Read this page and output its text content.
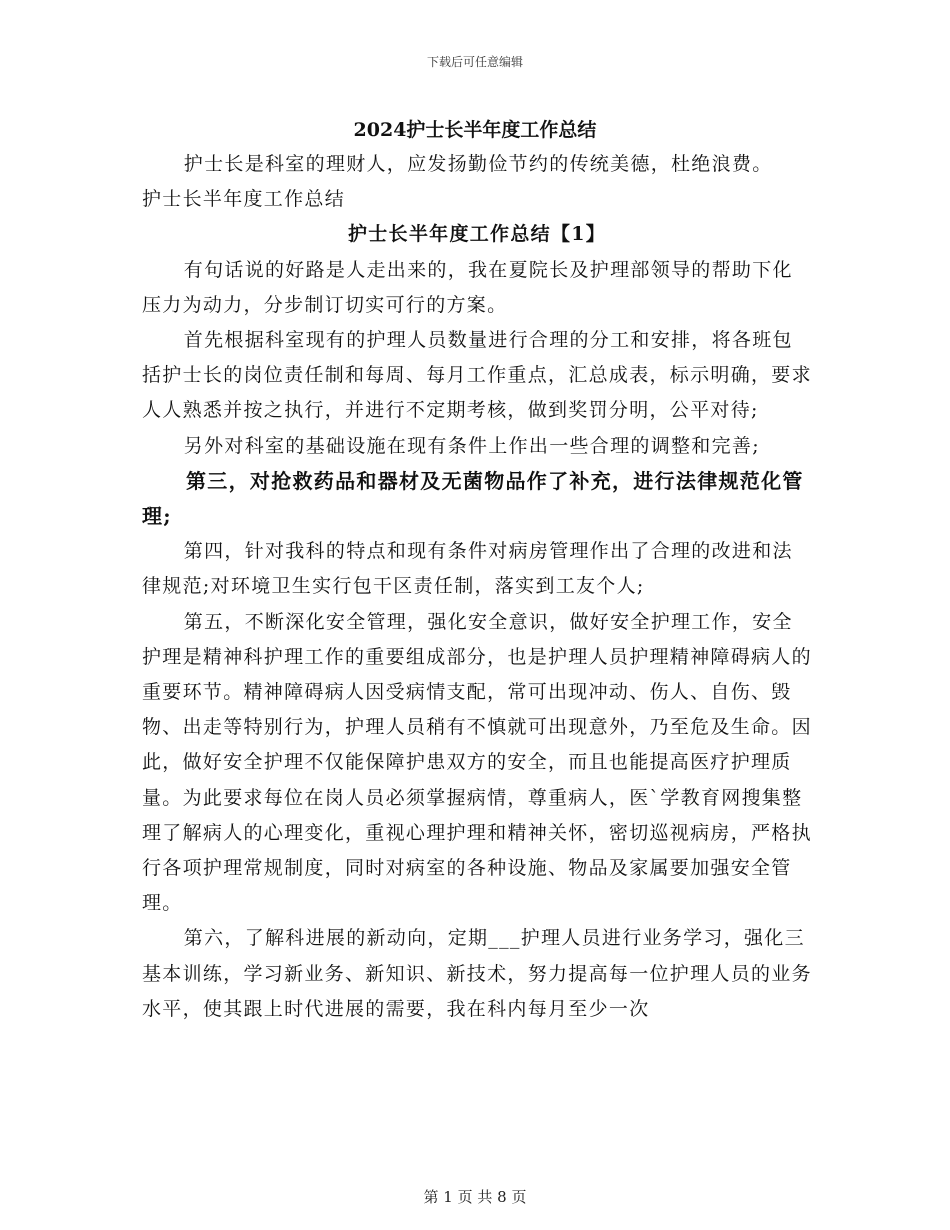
下载后可任意编辑
2024护士长半年度工作总结

护士长是科室的理财人，应发扬勤俭节约的传统美德，杜绝浪费。

护士长半年度工作总结

护士长半年度工作总结【1】

有句话说的好路是人走出来的，我在夏院长及护理部领导的帮助下化压力为动力，分步制订切实可行的方案。

首先根据科室现有的护理人员数量进行合理的分工和安排，将各班包括护士长的岗位责任制和每周、每月工作重点，汇总成表，标示明确，要求人人熟悉并按之执行，并进行不定期考核，做到奖罚分明，公平对待;

另外对科室的基础设施在现有条件上作出一些合理的调整和完善;

第三，对抢救药品和器材及无菌物品作了补充，进行法律规范化管理;

第四，针对我科的特点和现有条件对病房管理作出了合理的改进和法律规范;对环境卫生实行包干区责任制，落实到工友个人;

第五，不断深化安全管理，强化安全意识，做好安全护理工作，安全护理是精神科护理工作的重要组成部分，也是护理人员护理精神障碍病人的重要环节。精神障碍病人因受病情支配，常可出现冲动、伤人、自伤、毁物、出走等特别行为，护理人员稍有不慎就可出现意外，乃至危及生命。因此，做好安全护理不仅能保障护患双方的安全，而且也能提高医疗护理质量。为此要求每位在岗人员必须掌握病情，尊重病人，医`学教育网搜集整理了解病人的心理变化，重视心理护理和精神关怀，密切巡视病房，严格执行各项护理常规制度，同时对病室的各种设施、物品及家属要加强安全管理。

第六，了解科进展的新动向，定期___护理人员进行业务学习，强化三基本训练，学习新业务、新知识、新技术，努力提高每一位护理人员的业务水平，使其跟上时代进展的需要，我在科内每月至少一次

第 1 页 共 8 页
